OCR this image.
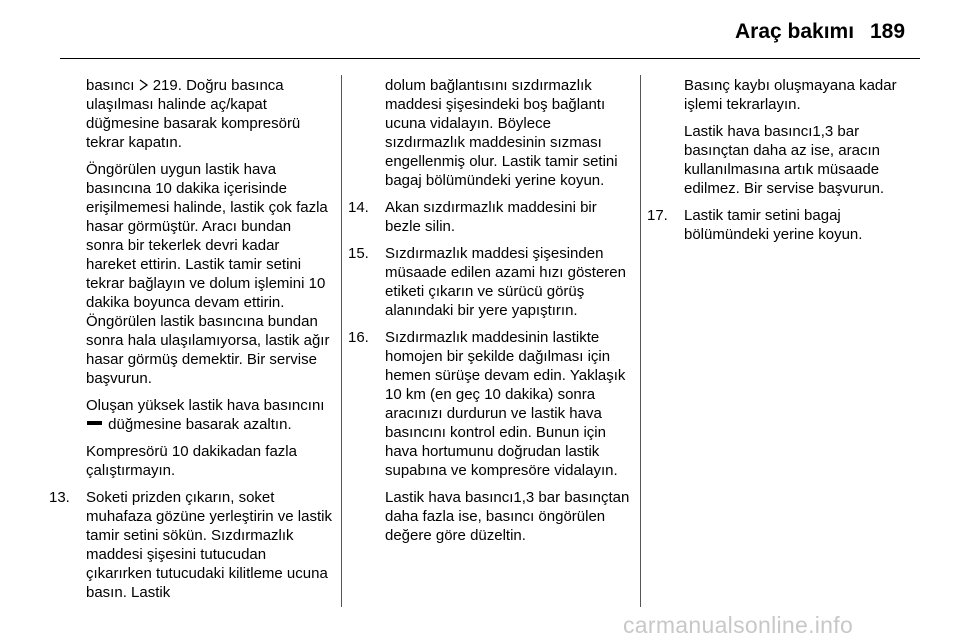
Araç bakımı 189

basıncı 219. Doğru basınca ulaşılması halinde aç/kapat düğmesine basarak kompresörü tekrar kapatın.

Öngörülen uygun lastik hava basıncına 10 dakika içerisinde erişilmemesi halinde, lastik çok fazla hasar görmüştür. Aracı bundan sonra bir tekerlek devri kadar hareket ettirin. Lastik tamir setini tekrar bağlayın ve dolum işlemini 10 dakika boyunca devam ettirin. Öngörülen lastik basıncına bundan sonra hala ulaşılamıyorsa, lastik ağır hasar görmüş demektir. Bir servise başvurun.

Oluşan yüksek lastik hava basıncını  düğmesine basarak azaltın.

Kompresörü 10 dakikadan fazla çalıştırmayın.

13. Soketi prizden çıkarın, soket muhafaza gözüne yerleştirin ve lastik tamir setini sökün. Sızdırmazlık maddesi şişesini tutucudan çıkarırken tutucudaki kilitleme ucuna basın. Lastik

dolum bağlantısını sızdırmazlık maddesi şişesindeki boş bağlantı ucuna vidalayın. Böylece sızdırmazlık maddesinin sızması engellenmiş olur. Lastik tamir setini bagaj bölümündeki yerine koyun.

14. Akan sızdırmazlık maddesini bir bezle silin.
15. Sızdırmazlık maddesi şişesinden müsaade edilen azami hızı gösteren etiketi çıkarın ve sürücü görüş alanındaki bir yere yapıştırın.
16. Sızdırmazlık maddesinin lastikte homojen bir şekilde dağılması için hemen sürüşe devam edin. Yaklaşık 10 km (en geç 10 dakika) sonra aracınızı durdurun ve lastik hava basıncını kontrol edin. Bunun için hava hortumunu doğrudan lastik supabına ve kompresöre vidalayın.

Lastik hava basıncı1,3 bar basınçtan daha fazla ise, basıncı öngörülen değere göre düzeltin.

Basınç kaybı oluşmayana kadar işlemi tekrarlayın.

Lastik hava basıncı1,3 bar basınçtan daha az ise, aracın kullanılmasına artık müsaade edilmez. Bir servise başvurun.

17. Lastik tamir setini bagaj bölümündeki yerine koyun.
carmanualsonline.info
